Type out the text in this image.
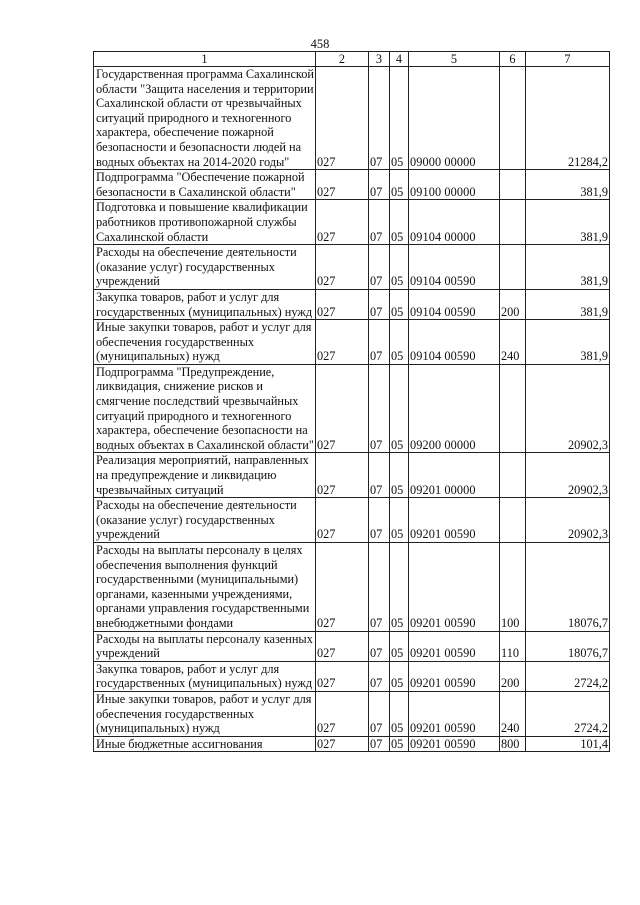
458
1	2	3	4	5	6	7
Государственная программа Сахалинской области "Защита населения и территории Сахалинской области от чрезвычайных ситуаций природного и техногенного характера, обеспечение пожарной безопасности и безопасности людей на водных объектах на 2014-2020 годы"	027	07	05	09000 00000		21284,2
Подпрограмма "Обеспечение пожарной безопасности в Сахалинской области"	027	07	05	09100 00000		381,9
Подготовка и повышение квалификации работников противопожарной службы Сахалинской области	027	07	05	09104 00000		381,9
Расходы на обеспечение деятельности (оказание услуг) государственных учреждений	027	07	05	09104 00590		381,9
Закупка товаров, работ и услуг для государственных (муниципальных) нужд	027	07	05	09104 00590	200	381,9
Иные закупки товаров, работ и услуг для обеспечения государственных (муниципальных) нужд	027	07	05	09104 00590	240	381,9
Подпрограмма "Предупреждение, ликвидация, снижение рисков и смягчение последствий чрезвычайных ситуаций природного и техногенного характера, обеспечение безопасности на водных объектах в Сахалинской области"	027	07	05	09200 00000		20902,3
Реализация мероприятий, направленных на предупреждение и ликвидацию чрезвычайных ситуаций	027	07	05	09201 00000		20902,3
Расходы на обеспечение деятельности (оказание услуг) государственных учреждений	027	07	05	09201 00590		20902,3
Расходы на выплаты персоналу в целях обеспечения выполнения функций государственными (муниципальными) органами, казенными учреждениями, органами управления государственными внебюджетными фондами	027	07	05	09201 00590	100	18076,7
Расходы на выплаты персоналу казенных учреждений	027	07	05	09201 00590	110	18076,7
Закупка товаров, работ и услуг для государственных (муниципальных) нужд	027	07	05	09201 00590	200	2724,2
Иные закупки товаров, работ и услуг для обеспечения государственных (муниципальных) нужд	027	07	05	09201 00590	240	2724,2
Иные бюджетные ассигнования	027	07	05	09201 00590	800	101,4
